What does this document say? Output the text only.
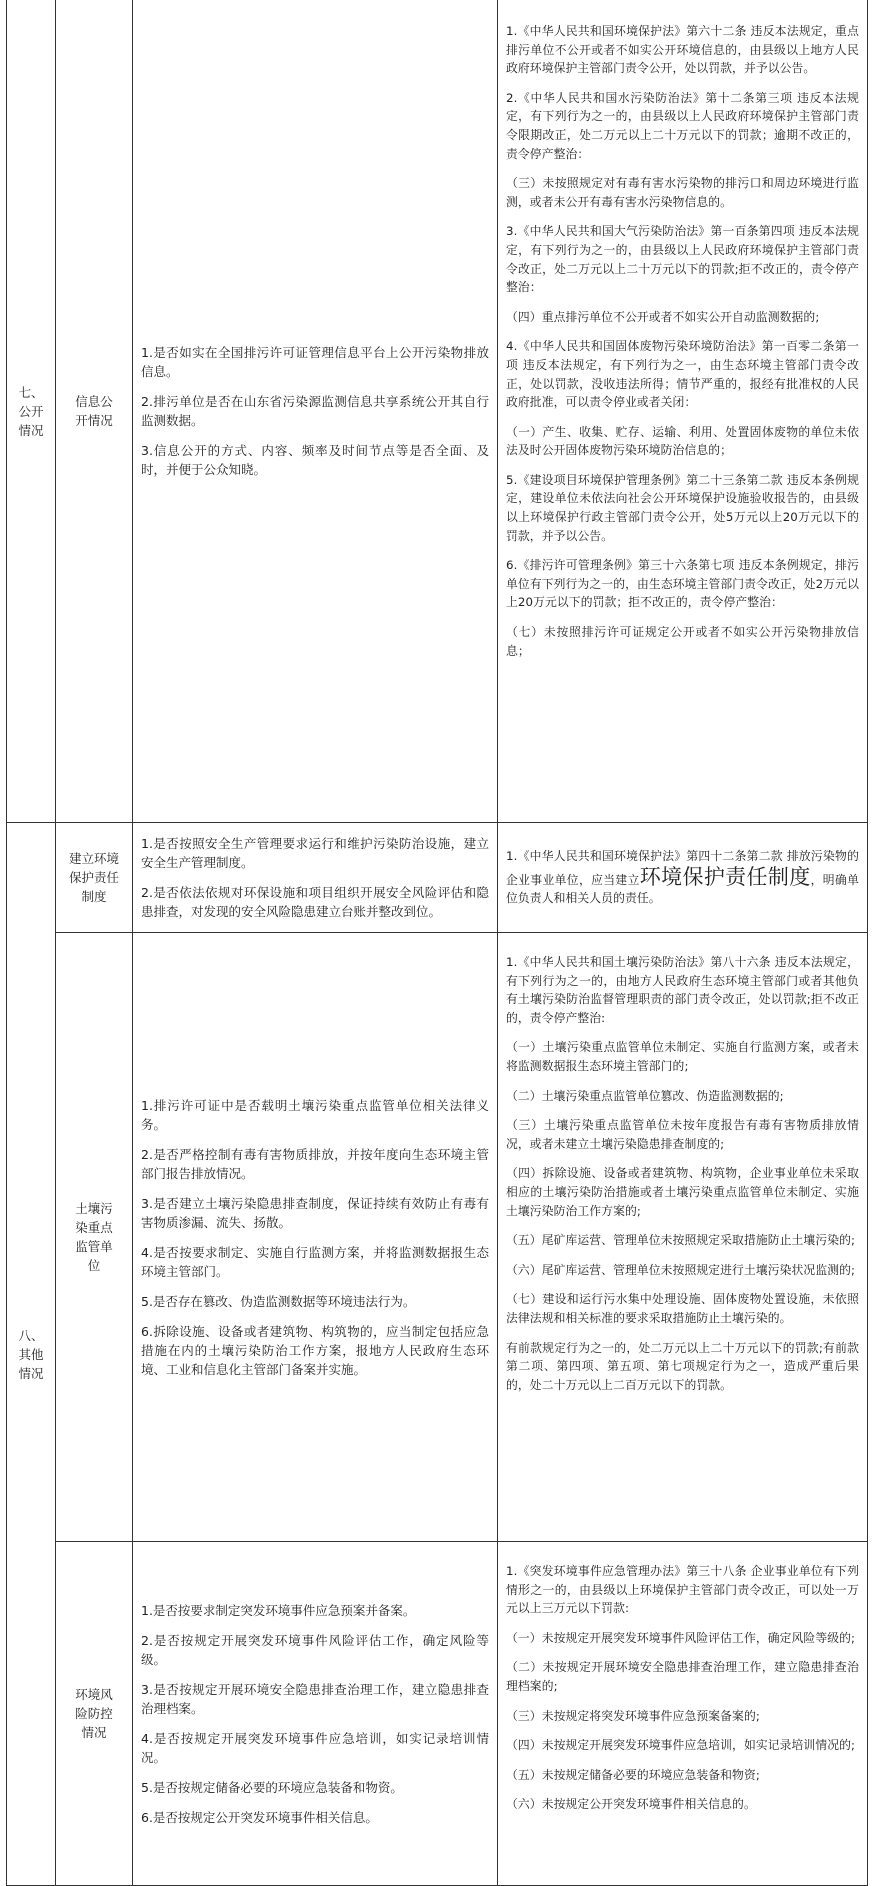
七、公开情况
信息公开情况

1.是否如实在全国排污许可证管理信息平台上公开污染物排放信息。

2.排污单位是否在山东省污染源监测信息共享系统公开其自行监测数据。

3.信息公开的方式、内容、频率及时间节点等是否全面、及时，并便于公众知晓。

1.《中华人民共和国环境保护法》第六十二条 违反本法规定，重点排污单位不公开或者不如实公开环境信息的，由县级以上地方人民政府环境保护主管部门责令公开，处以罚款，并予以公告。

2.《中华人民共和国水污染防治法》第十二条第三项 违反本法规定，有下列行为之一的，由县级以上人民政府环境保护主管部门责令限期改正，处二万元以上二十万元以下的罚款；逾期不改正的，责令停产整治：

（三）未按照规定对有毒有害水污染物的排污口和周边环境进行监测，或者未公开有毒有害水污染物信息的。

3.《中华人民共和国大气污染防治法》第一百条第四项 违反本法规定，有下列行为之一的，由县级以上人民政府环境保护主管部门责令改正，处二万元以上二十万元以下的罚款;拒不改正的，责令停产整治：

（四）重点排污单位不公开或者不如实公开自动监测数据的;

4.《中华人民共和国固体废物污染环境防治法》第一百零二条第一项 违反本法规定，有下列行为之一，由生态环境主管部门责令改正，处以罚款，没收违法所得；情节严重的，报经有批准权的人民政府批准，可以责令停业或者关闭：

（一）产生、收集、贮存、运输、利用、处置固体废物的单位未依法及时公开固体废物污染环境防治信息的；

5.《建设项目环境保护管理条例》第二十三条第二款 违反本条例规定，建设单位未依法向社会公开环境保护设施验收报告的，由县级以上环境保护行政主管部门责令公开，处5万元以上20万元以下的罚款，并予以公告。

6.《排污许可管理条例》第三十六条第七项 违反本条例规定，排污单位有下列行为之一的，由生态环境主管部门责令改正，处2万元以上20万元以下的罚款；拒不改正的，责令停产整治：

（七）未按照排污许可证规定公开或者不如实公开污染物排放信息；

八、其他情况
建立环境保护责任制度

1.是否按照安全生产管理要求运行和维护污染防治设施，建立安全生产管理制度。

2.是否依法依规对环保设施和项目组织开展安全风险评估和隐患排查，对发现的安全风险隐患建立台账并整改到位。

1.《中华人民共和国环境保护法》第四十二条第二款 排放污染物的企业事业单位，应当建立环境保护责任制度，明确单位负责人和相关人员的责任。

土壤污染重点监管单位

1.排污许可证中是否载明土壤污染重点监管单位相关法律义务。

2.是否严格控制有毒有害物质排放，并按年度向生态环境主管部门报告排放情况。

3.是否建立土壤污染隐患排查制度，保证持续有效防止有毒有害物质渗漏、流失、扬散。

4.是否按要求制定、实施自行监测方案，并将监测数据报生态环境主管部门。

5.是否存在篡改、伪造监测数据等环境违法行为。

6.拆除设施、设备或者建筑物、构筑物的，应当制定包括应急措施在内的土壤污染防治工作方案，报地方人民政府生态环境、工业和信息化主管部门备案并实施。

1.《中华人民共和国土壤污染防治法》第八十六条 违反本法规定，有下列行为之一的，由地方人民政府生态环境主管部门或者其他负有土壤污染防治监督管理职责的部门责令改正，处以罚款;拒不改正的，责令停产整治:

（一）土壤污染重点监管单位未制定、实施自行监测方案，或者未将监测数据报生态环境主管部门的;

（二）土壤污染重点监管单位篡改、伪造监测数据的;

（三）土壤污染重点监管单位未按年度报告有毒有害物质排放情况，或者未建立土壤污染隐患排查制度的;

（四）拆除设施、设备或者建筑物、构筑物，企业事业单位未采取相应的土壤污染防治措施或者土壤污染重点监管单位未制定、实施土壤污染防治工作方案的;

（五）尾矿库运营、管理单位未按照规定采取措施防止土壤污染的;

（六）尾矿库运营、管理单位未按照规定进行土壤污染状况监测的;

（七）建设和运行污水集中处理设施、固体废物处置设施，未依照法律法规和相关标准的要求采取措施防止土壤污染的。

有前款规定行为之一的，处二万元以上二十万元以下的罚款;有前款第二项、第四项、第五项、第七项规定行为之一，造成严重后果的，处二十万元以上二百万元以下的罚款。

环境风险防控情况

1.是否按要求制定突发环境事件应急预案并备案。

2.是否按规定开展突发环境事件风险评估工作，确定风险等级。

3.是否按规定开展环境安全隐患排查治理工作，建立隐患排查治理档案。

4.是否按规定开展突发环境事件应急培训，如实记录培训情况。

5.是否按规定储备必要的环境应急装备和物资。

6.是否按规定公开突发环境事件相关信息。

1.《突发环境事件应急管理办法》第三十八条 企业事业单位有下列情形之一的，由县级以上环境保护主管部门责令改正，可以处一万元以上三万元以下罚款:

（一）未按规定开展突发环境事件风险评估工作，确定风险等级的;

（二）未按规定开展环境安全隐患排查治理工作，建立隐患排查治理档案的;

（三）未按规定将突发环境事件应急预案备案的;

（四）未按规定开展突发环境事件应急培训，如实记录培训情况的;

（五）未按规定储备必要的环境应急装备和物资;

（六）未按规定公开突发环境事件相关信息的。
